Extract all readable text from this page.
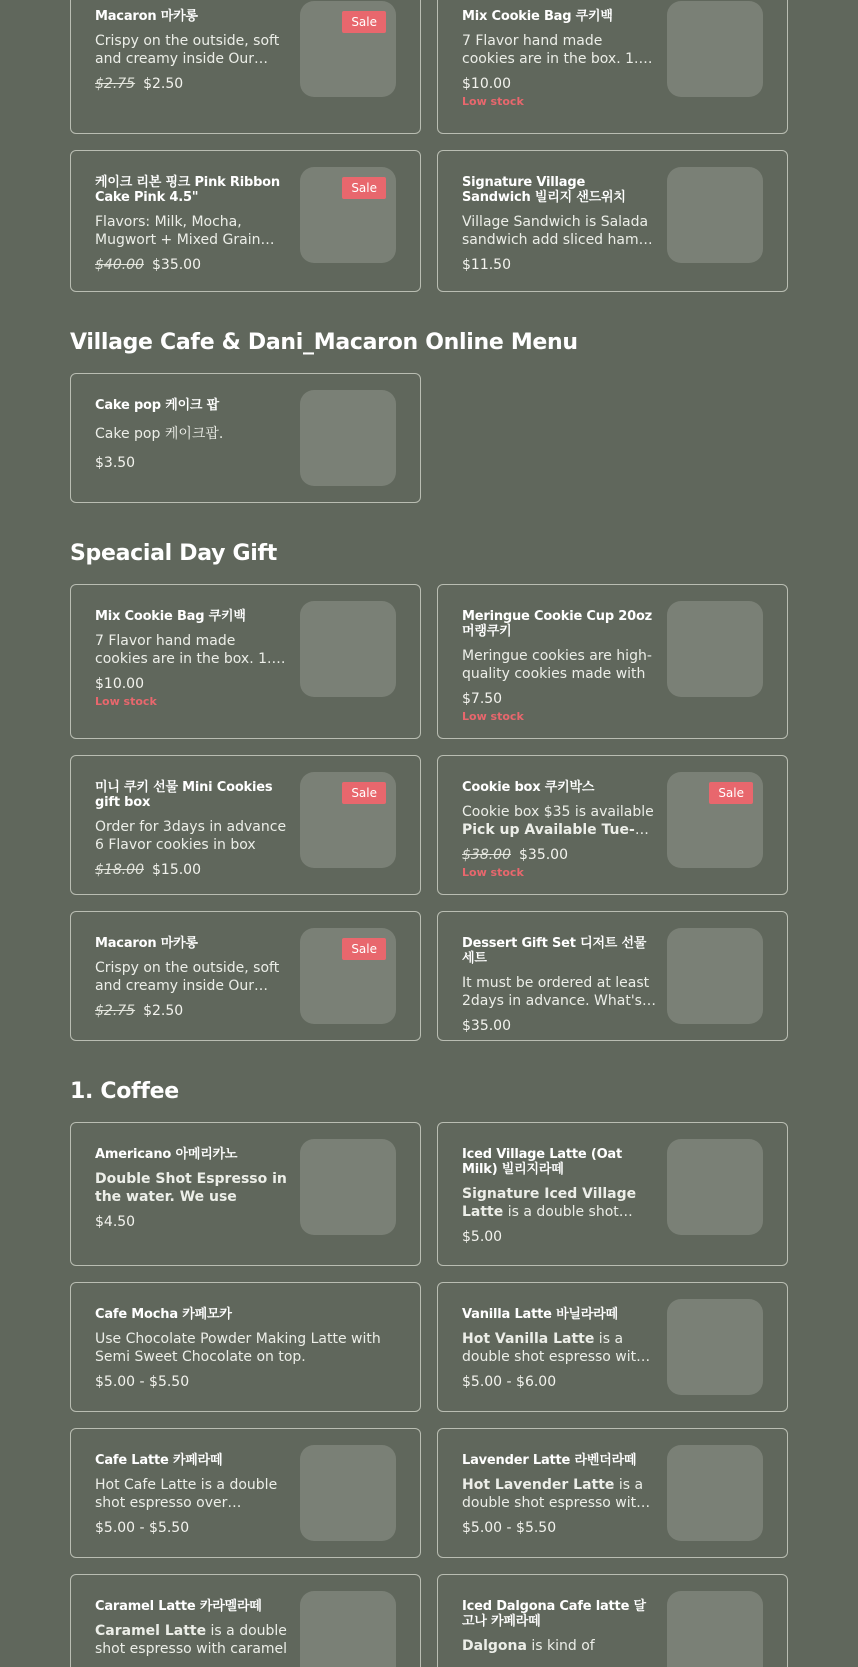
Macaron 마카롱
Crispy on the outside, soft and creamy inside Our
$2.75 $2.50
Sale	Mix Cookie Bag 쿠키백
7 Flavor hand made cookies are in the box. 1.
$10.00
Low stock
케이크 리본 핑크 Pink Ribbon Cake Pink 4.5"
Flavors: Milk, Mocha, Mugwort + Mixed Grain
$40.00 $35.00
Sale	Signature Village Sandwich 빌리지 샌드위치
Village Sandwich is Salada sandwich add sliced ham
$11.50
Village Cafe & Dani_Macaron Online Menu
Cake pop 케이크 팝
Cake pop 케이크팝.
$3.50
Speacial Day Gift
Mix Cookie Bag 쿠키백
7 Flavor hand made cookies are in the box. 1.
$10.00
Low stock
Meringue Cookie Cup 20oz 머랭쿠키
Meringue cookies are high-quality cookies made with
$7.50
Low stock
미니 쿠키 선물 Mini Cookies gift box
Order for 3days in advance 6 Flavor cookies in box
$18.00 $15.00
Sale	Cookie box 쿠키박스
Cookie box $35 is available
Pick up Available Tue-
$38.00 $35.00
Low stock
Sale
Macaron 마카롱
Crispy on the outside, soft and creamy inside Our
$2.75 $2.50
Sale	Dessert Gift Set 디저트 선물세트
It must be ordered at least 2days in advance. What's
$35.00
1. Coffee
Americano 아메리카노
Double Shot Espresso in the water. We use
$4.50
Iced Village Latte (Oat Milk) 빌리지라떼
Signature Iced Village Latte is a double shot
$5.00
Cafe Mocha 카페모카
Use Chocolate Powder Making Latte with Semi Sweet Chocolate on top.
$5.00 - $5.50
Vanilla Latte 바닐라라떼
Hot Vanilla Latte is a double shot espresso with
$5.00 - $6.00
Cafe Latte 카페라떼
Hot Cafe Latte is a double shot espresso over
$5.00 - $5.50
Lavender Latte 라벤더라떼
Hot Lavender Latte is a double shot espresso with
$5.00 - $5.50
Caramel Latte 카라멜라떼
Caramel Latte is a double shot espresso with caramel
Iced Dalgona Cafe latte 달고나 카페라떼
Dalgona is kind of
